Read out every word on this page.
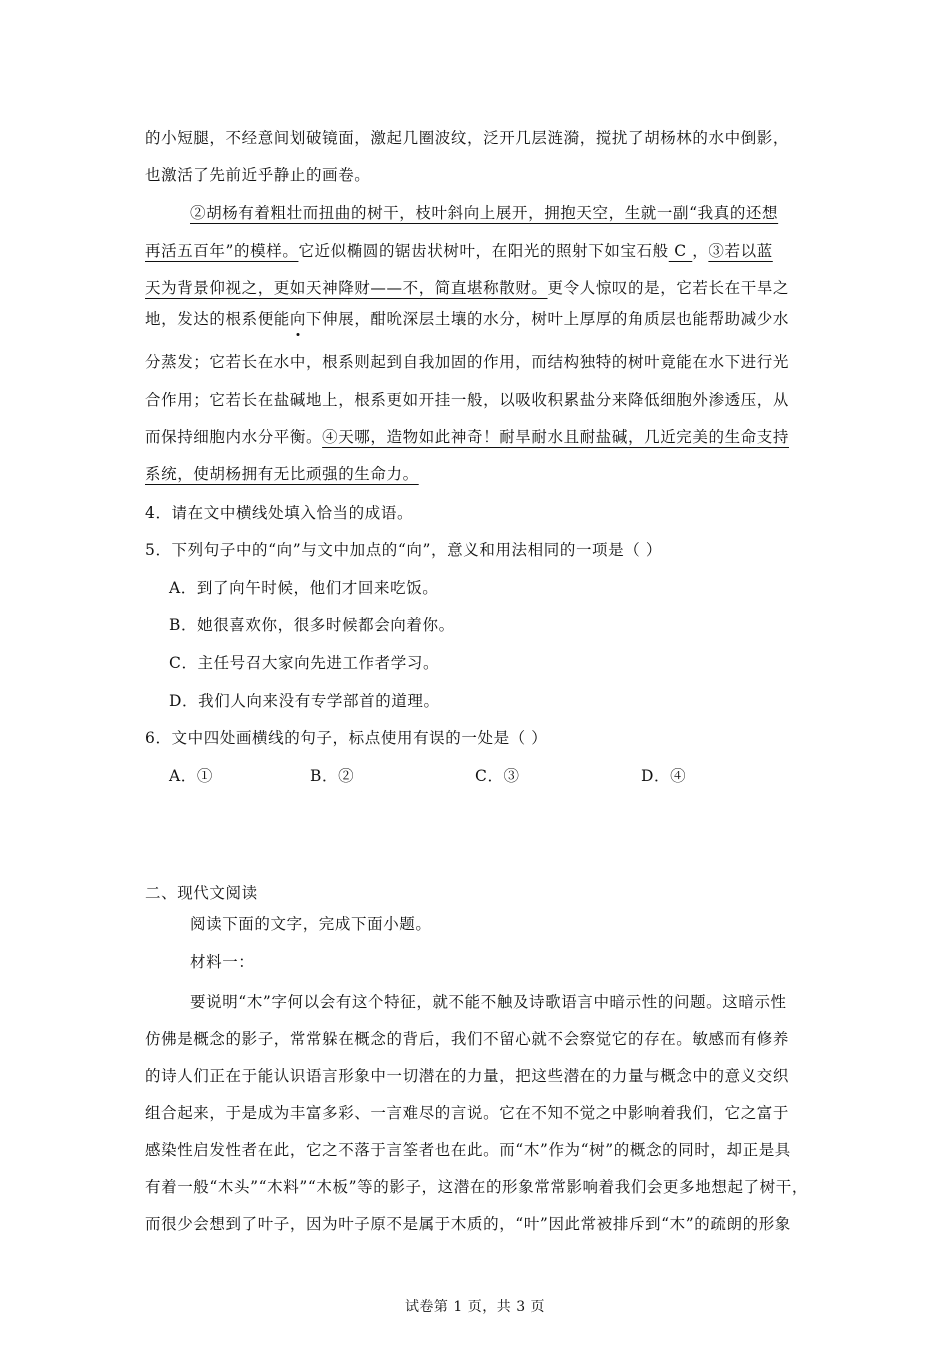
的小短腿，不经意间划破镜面，激起几圈波纹，泛开几层涟漪，搅扰了胡杨林的水中倒影，
也激活了先前近乎静止的画卷。
②胡杨有着粗壮而扭曲的树干，枝叶斜向上展开，拥抱天空，生就一副“我真的还想
再活五百年”的模样。它近似椭圆的锯齿状树叶，在阳光的照射下如宝石般 C ，③若以蓝
天为背景仰视之，更如天神降财——不，简直堪称散财。更令人惊叹的是，它若长在干旱之
地，发达的根系便能向下伸展，酣吮深层土壤的水分，树叶上厚厚的角质层也能帮助减少水
分蒸发；它若长在水中，根系则起到自我加固的作用，而结构独特的树叶竟能在水下进行光
合作用；它若长在盐碱地上，根系更如开挂一般，以吸收积累盐分来降低细胞外渗透压，从
而保持细胞内水分平衡。④天哪，造物如此神奇！耐旱耐水且耐盐碱，几近完美的生命支持
系统，使胡杨拥有无比顽强的生命力。
4．请在文中横线处填入恰当的成语。
5．下列句子中的“向”与文中加点的“向”，意义和用法相同的一项是（ ）
A．到了向午时候，他们才回来吃饭。
B．她很喜欢你，很多时候都会向着你。
C．主任号召大家向先进工作者学习。
D．我们人向来没有专学部首的道理。
6．文中四处画横线的句子，标点使用有误的一处是（ ）
A．①	B．②	C．③	D．④
二、现代文阅读
阅读下面的文字，完成下面小题。
材料一：
要说明“木”字何以会有这个特征，就不能不触及诗歌语言中暗示性的问题。这暗示性
仿佛是概念的影子，常常躲在概念的背后，我们不留心就不会察觉它的存在。敏感而有修养
的诗人们正在于能认识语言形象中一切潜在的力量，把这些潜在的力量与概念中的意义交织
组合起来，于是成为丰富多彩、一言难尽的言说。它在不知不觉之中影响着我们，它之富于
感染性启发性者在此，它之不落于言筌者也在此。而“木”作为“树”的概念的同时，却正是具
有着一般“木头”“木料”“木板”等的影子，这潜在的形象常常影响着我们会更多地想起了树干，
而很少会想到了叶子，因为叶子原不是属于木质的，“叶”因此常被排斥到“木”的疏朗的形象
试卷第 1 页，共 3 页
